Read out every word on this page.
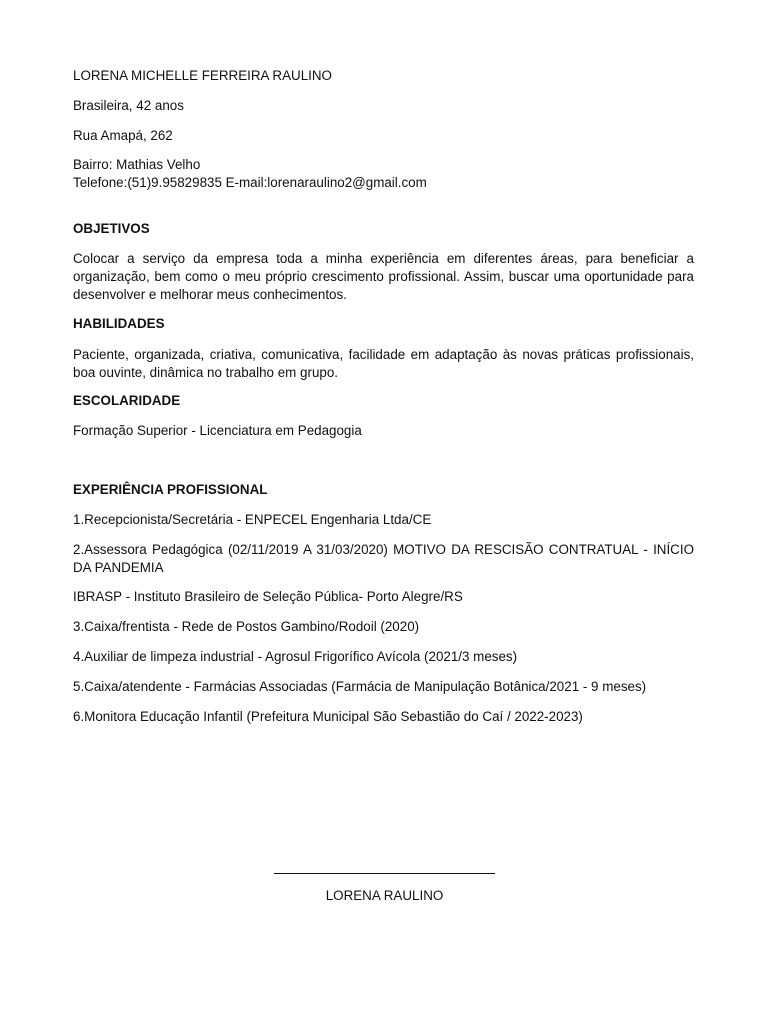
LORENA MICHELLE FERREIRA RAULINO
Brasileira, 42 anos
Rua Amapá, 262
Bairro: Mathias Velho
Telefone:(51)9.95829835 E-mail:lorenaraulino2@gmail.com
OBJETIVOS
Colocar a serviço da empresa toda a minha experiência em diferentes áreas, para beneficiar a organização, bem como o meu próprio crescimento profissional. Assim, buscar uma oportunidade para desenvolver e melhorar meus conhecimentos.
HABILIDADES
Paciente, organizada, criativa, comunicativa, facilidade em adaptação às novas práticas profissionais, boa ouvinte, dinâmica no trabalho em grupo.
ESCOLARIDADE
Formação Superior - Licenciatura em Pedagogia
EXPERIÊNCIA PROFISSIONAL
1.Recepcionista/Secretária - ENPECEL Engenharia Ltda/CE
2.Assessora Pedagógica (02/11/2019 A 31/03/2020) MOTIVO DA RESCISÃO CONTRATUAL - INÍCIO DA PANDEMIA
IBRASP - Instituto Brasileiro de Seleção Pública- Porto Alegre/RS
3.Caixa/frentista - Rede de Postos Gambino/Rodoil (2020)
4.Auxiliar de limpeza industrial - Agrosul Frigorífico Avícola (2021/3 meses)
5.Caixa/atendente - Farmácias Associadas (Farmácia de Manipulação Botânica/2021 - 9 meses)
6.Monitora Educação Infantil (Prefeitura Municipal São Sebastião do Caí / 2022-2023)
LORENA RAULINO
